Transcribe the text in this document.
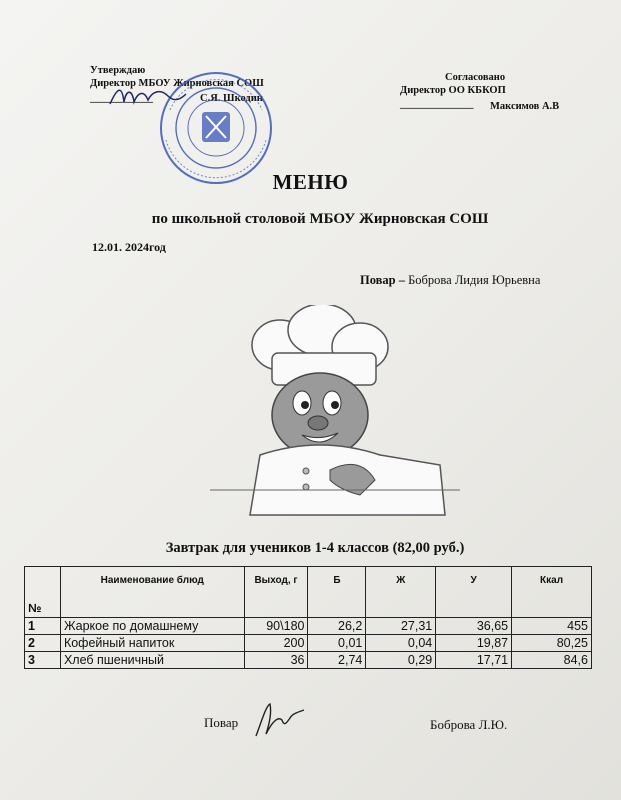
Утверждаю
Директор МБОУ Жирновская СОШ
____________	С.Я. Шкодин
Согласовано
Директор ОО КБКОП
______________ Максимов А.В
МЕНЮ
по школьной столовой МБОУ Жирновская СОШ
12.01. 2024год
Повар – Боброва Лидия Юрьевна
Завтрак для учеников 1-4 классов (82,00 руб.)
№	Наименование блюд	Выход, г	Б	Ж	У	Ккал
1	Жаркое по домашнему	90\180	26,2	27,31	36,65	455
2	Кофейный напиток	200	0,01	0,04	19,87	80,25
3	Хлеб пшеничный	36	2,74	0,29	17,71	84,6
Повар	Боброва Л.Ю.
